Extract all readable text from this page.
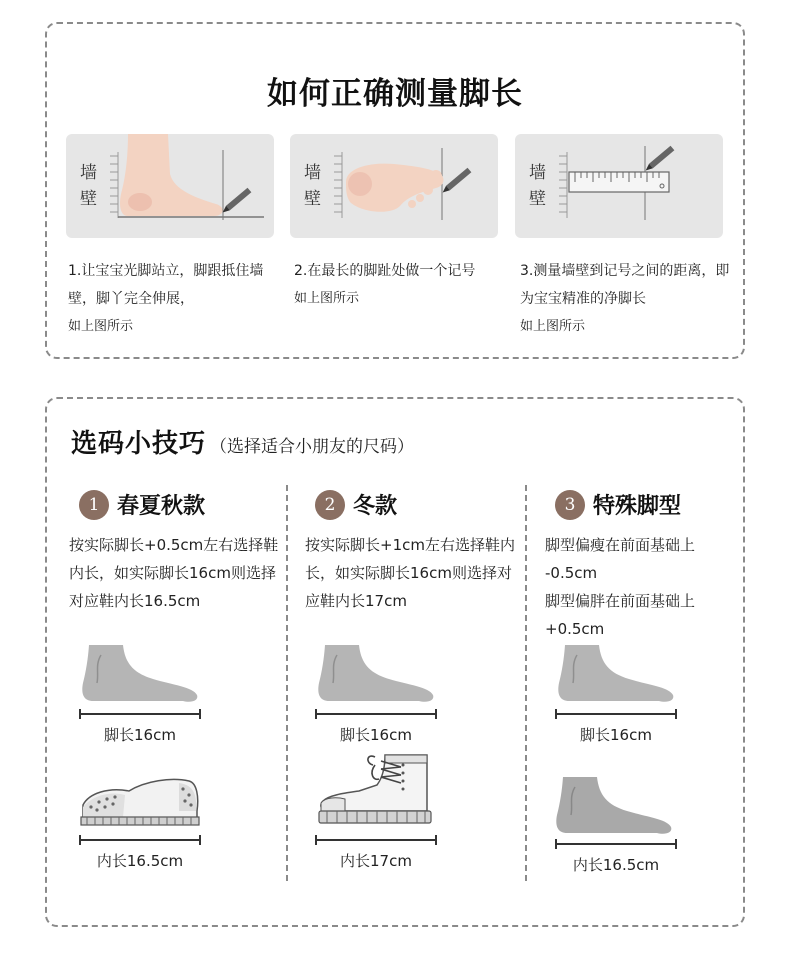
如何正确测量脚长
墙壁
墙壁
墙壁
1.让宝宝光脚站立，脚跟抵住墙壁，脚丫完全伸展，
如上图所示
2.在最长的脚趾处做一个记号
如上图所示
3.测量墙壁到记号之间的距离，即为宝宝精准的净脚长
如上图所示
选码小技巧 （选择适合小朋友的尺码）
1 春夏秋款
按实际脚长+0.5cm左右选择鞋内长，如实际脚长16cm则选择对应鞋内长16.5cm
脚长16cm
内长16.5cm
2 冬款
按实际脚长+1cm左右选择鞋内长，如实际脚长16cm则选择对应鞋内长17cm
脚长16cm
内长17cm
3 特殊脚型
脚型偏瘦在前面基础上
-0.5cm
脚型偏胖在前面基础上
+0.5cm
脚长16cm
内长16.5cm
